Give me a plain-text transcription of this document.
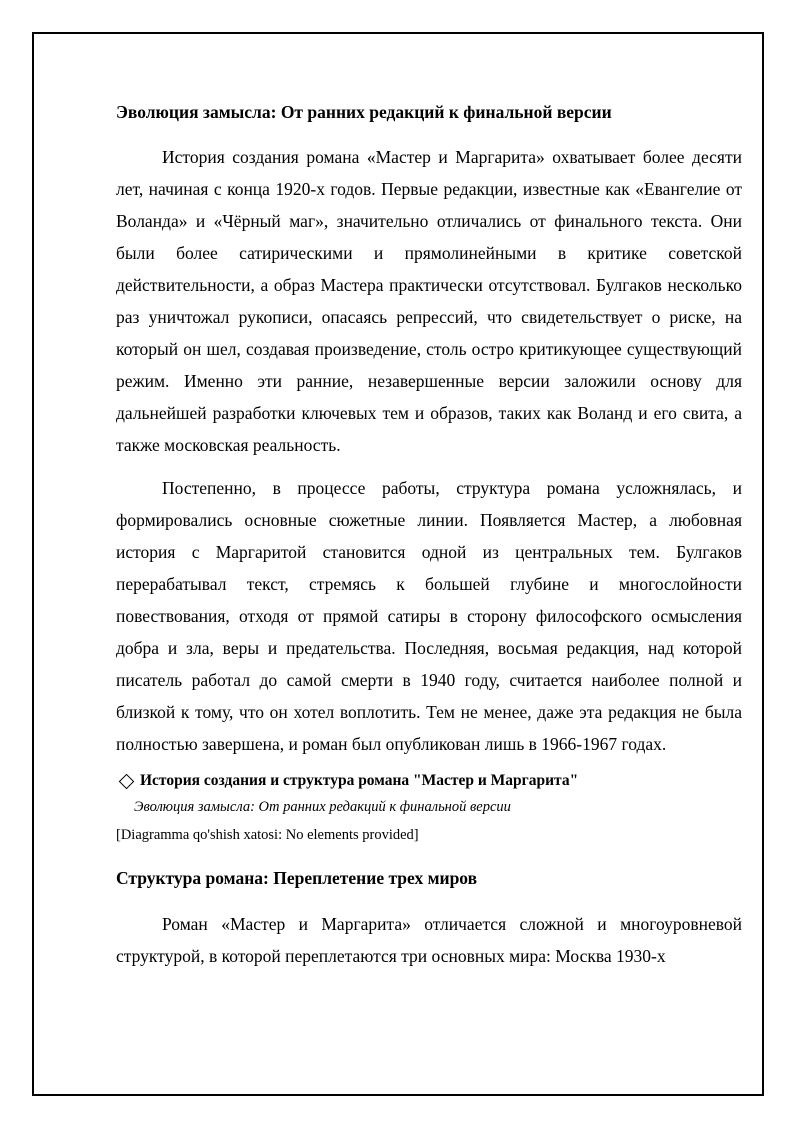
Эволюция замысла: От ранних редакций к финальной версии

История создания романа «Мастер и Маргарита» охватывает более десяти лет, начиная с конца 1920-х годов. Первые редакции, известные как «Евангелие от Воланда» и «Чёрный маг», значительно отличались от финального текста. Они были более сатирическими и прямолинейными в критике советской действительности, а образ Мастера практически отсутствовал. Булгаков несколько раз уничтожал рукописи, опасаясь репрессий, что свидетельствует о риске, на который он шел, создавая произведение, столь остро критикующее существующий режим. Именно эти ранние, незавершенные версии заложили основу для дальнейшей разработки ключевых тем и образов, таких как Воланд и его свита, а также московская реальность.

Постепенно, в процессе работы, структура романа усложнялась, и формировались основные сюжетные линии. Появляется Мастер, а любовная история с Маргаритой становится одной из центральных тем. Булгаков перерабатывал текст, стремясь к большей глубине и многослойности повествования, отходя от прямой сатиры в сторону философского осмысления добра и зла, веры и предательства. Последняя, восьмая редакция, над которой писатель работал до самой смерти в 1940 году, считается наиболее полной и близкой к тому, что он хотел воплотить. Тем не менее, даже эта редакция не была полностью завершена, и роман был опубликован лишь в 1966-1967 годах.

История создания и структура романа "Мастер и Маргарита"
Эволюция замысла: От ранних редакций к финальной версии
[Diagramma qo'shish xatosi: No elements provided]
Структура романа: Переплетение трех миров

Роман «Мастер и Маргарита» отличается сложной и многоуровневой структурой, в которой переплетаются три основных мира: Москва 1930-х
